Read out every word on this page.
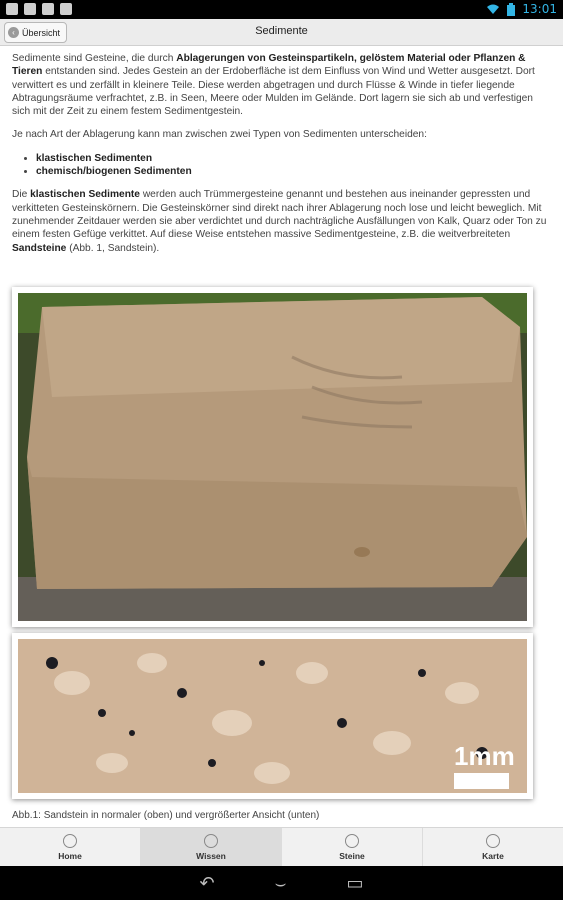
13:01
‹ Übersicht	Sedimente

Sedimente sind Gesteine, die durch Ablagerungen von Gesteinspartikeln, gelöstem Material oder Pflanzen & Tieren entstanden sind. Jedes Gestein an der Erdoberfläche ist dem Einfluss von Wind und Wetter ausgesetzt. Dort verwittert es und zerfällt in kleinere Teile. Diese werden abgetragen und durch Flüsse & Winde in tiefer liegende Abtragungsräume verfrachtet, z.B. in Seen, Meere oder Mulden im Gelände. Dort lagern sie sich ab und verfestigen sich mit der Zeit zu einem festem Sedimentgestein.

Je nach Art der Ablagerung kann man zwischen zwei Typen von Sedimenten unterscheiden:

• klastischen Sedimenten
• chemisch/biogenen Sedimenten

Die klastischen Sedimente werden auch Trümmergesteine genannt und bestehen aus ineinander gepressten und verkitteten Gesteinskörnern. Die Gesteinskörner sind direkt nach ihrer Ablagerung noch lose und leicht beweglich. Mit zunehmender Zeitdauer werden sie aber verdichtet und durch nachträgliche Ausfällungen von Kalk, Quarz oder Ton zu einem festen Gefüge verkittet. Auf diese Weise entstehen massive Sedimentgesteine, z.B. die weitverbreiteten Sandsteine (Abb. 1, Sandstein).

1mm
Abb.1: Sandstein in normaler (oben) und vergrößerter Ansicht (unten)
Home	Wissen	Steine	Karte
↶	⌣	▭
